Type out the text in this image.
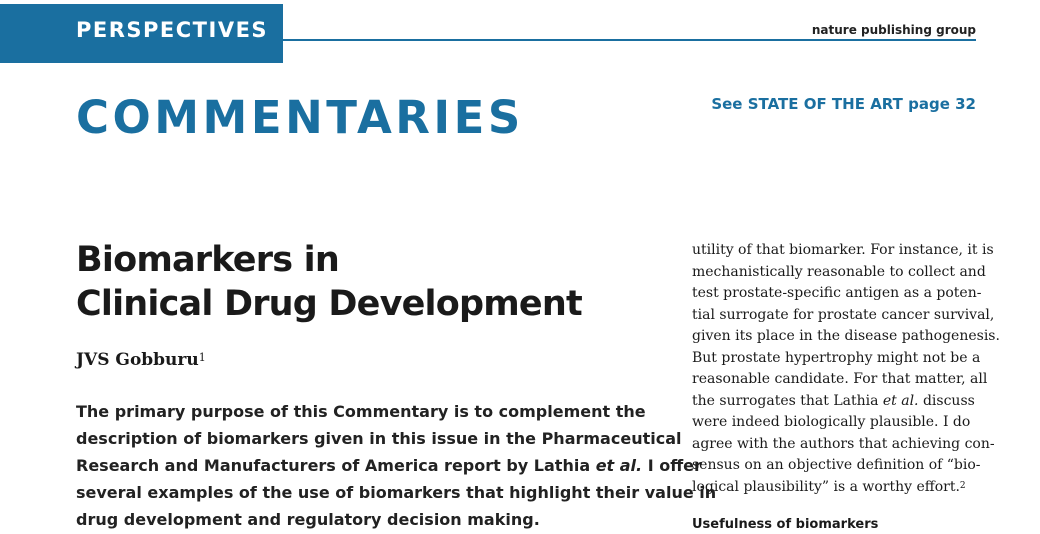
PERSPECTIVES	nature publishing group
COMMENTARIES	See STATE OF THE ART page 32
Biomarkers in
Clinical Drug Development
JVS Gobburu$^1$
The primary purpose of this Commentary is to complement the
description of biomarkers given in this issue in the Pharmaceutical
Research and Manufacturers of America report by Lathia et al. I offer
several examples of the use of biomarkers that highlight their value in
drug development and regulatory decision making.
utility of that biomarker. For instance, it is
mechanistically reasonable to collect and
test prostate-specific antigen as a poten-
tial surrogate for prostate cancer survival,
given its place in the disease pathogenesis.
But prostate hypertrophy might not be a
reasonable candidate. For that matter, all
the surrogates that Lathia et al. discuss
were indeed biologically plausible. I do
agree with the authors that achieving con-
sensus on an objective definition of “bio-
logical plausibility” is a worthy effort.$^2$
Usefulness of biomarkers
